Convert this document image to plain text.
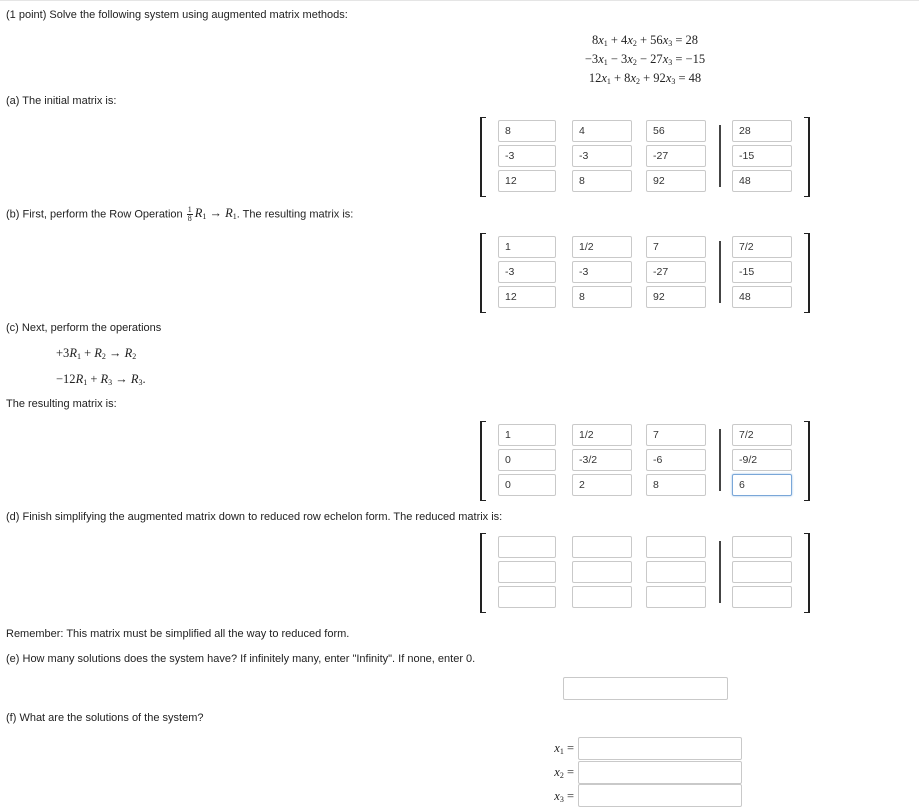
(1 point) Solve the following system using augmented matrix methods:
$8x_1 + 4x_2 + 56x_3 = 28$
$-3x_1 - 3x_2 - 27x_3 = -15$
$12x_1 + 8x_2 + 92x_3 = 48$
(a) The initial matrix is:
8
4
56
28
-3
-3
-27
-15
12
8
92
48
(b) First, perform the Row Operation $\frac{1}{8} R_1 \to R_1$. The resulting matrix is:
1
1/2
7
7/2
-3
-3
-27
-15
12
8
92
48
(c) Next, perform the operations
$+3R_1 + R_2 \to R_2$
$-12R_1 + R_3 \to R_3$.
The resulting matrix is:
1
1/2
7
7/2
0
-3/2
-6
-9/2
0
2
8
6
(d) Finish simplifying the augmented matrix down to reduced row echelon form. The reduced matrix is:
Remember: This matrix must be simplified all the way to reduced form.
(e) How many solutions does the system have? If infinitely many, enter "Infinity". If none, enter 0.
(f) What are the solutions of the system?
$x_1$ =
$x_2$ =
$x_3$ =
